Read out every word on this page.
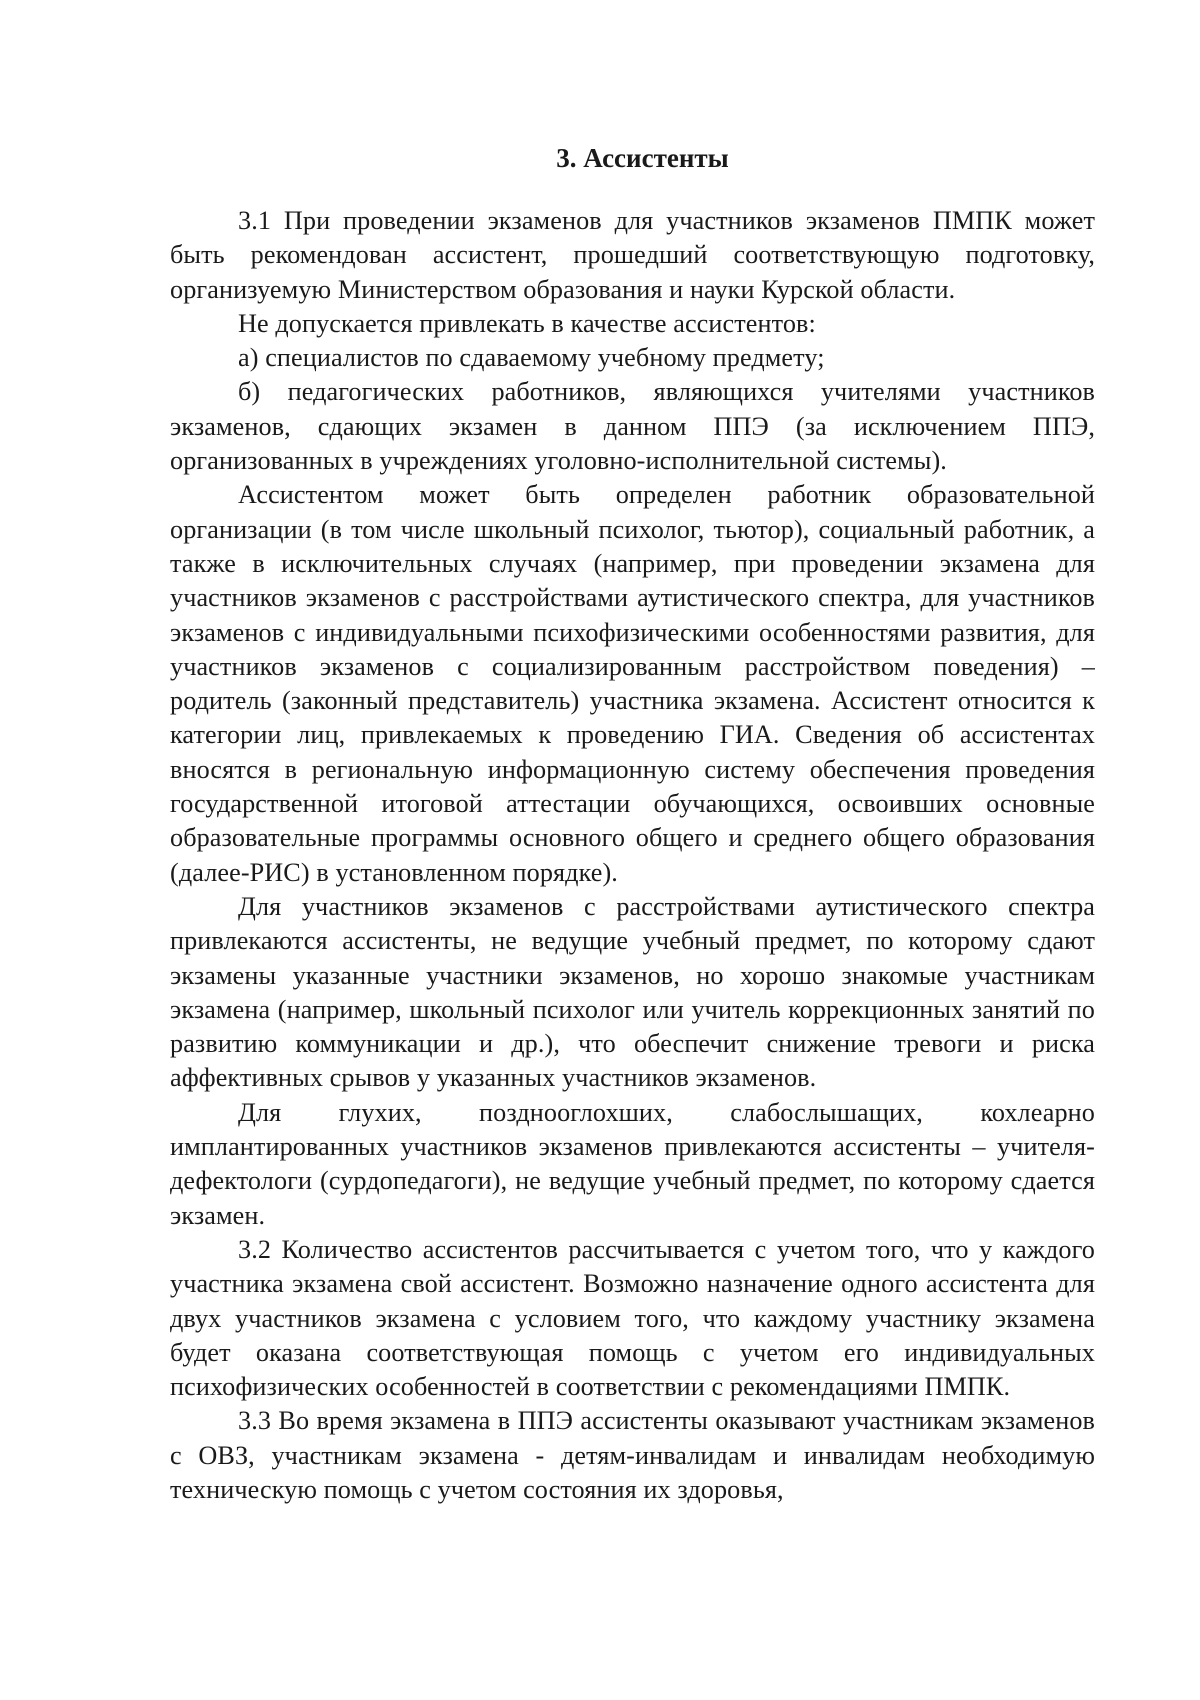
3. Ассистенты

3.1 При проведении экзаменов для участников экзаменов ПМПК может быть рекомендован ассистент, прошедший соответствующую подготовку, организуемую Министерством образования и науки Курской области.

Не допускается привлекать в качестве ассистентов:

а) специалистов по сдаваемому учебному предмету;

б) педагогических работников, являющихся учителями участников экзаменов, сдающих экзамен в данном ППЭ (за исключением ППЭ, организованных в учреждениях уголовно-исполнительной системы).

Ассистентом может быть определен работник образовательной организации (в том числе школьный психолог, тьютор), социальный работник, а также в исключительных случаях (например, при проведении экзамена для участников экзаменов с расстройствами аутистического спектра, для участников экзаменов с индивидуальными психофизическими особенностями развития, для участников экзаменов с социализированным расстройством поведения) – родитель (законный представитель) участника экзамена. Ассистент относится к категории лиц, привлекаемых к проведению ГИА. Сведения об ассистентах вносятся в региональную информационную систему обеспечения проведения государственной итоговой аттестации обучающихся, освоивших основные образовательные программы основного общего и среднего общего образования (далее-РИС) в установленном порядке).

Для участников экзаменов с расстройствами аутистического спектра привлекаются ассистенты, не ведущие учебный предмет, по которому сдают экзамены указанные участники экзаменов, но хорошо знакомые участникам экзамена (например, школьный психолог или учитель коррекционных занятий по развитию коммуникации и др.), что обеспечит снижение тревоги и риска аффективных срывов у указанных участников экзаменов.

Для глухих, позднооглохших, слабослышащих, кохлеарно имплантированных участников экзаменов привлекаются ассистенты – учителя-дефектологи (сурдопедагоги), не ведущие учебный предмет, по которому сдается экзамен.

3.2 Количество ассистентов рассчитывается с учетом того, что у каждого участника экзамена свой ассистент. Возможно назначение одного ассистента для двух участников экзамена с условием того, что каждому участнику экзамена будет оказана соответствующая помощь с учетом его индивидуальных психофизических особенностей в соответствии с рекомендациями ПМПК.

3.3 Во время экзамена в ППЭ ассистенты оказывают участникам экзаменов с ОВЗ, участникам экзамена - детям-инвалидам и инвалидам необходимую техническую помощь с учетом состояния их здоровья,
